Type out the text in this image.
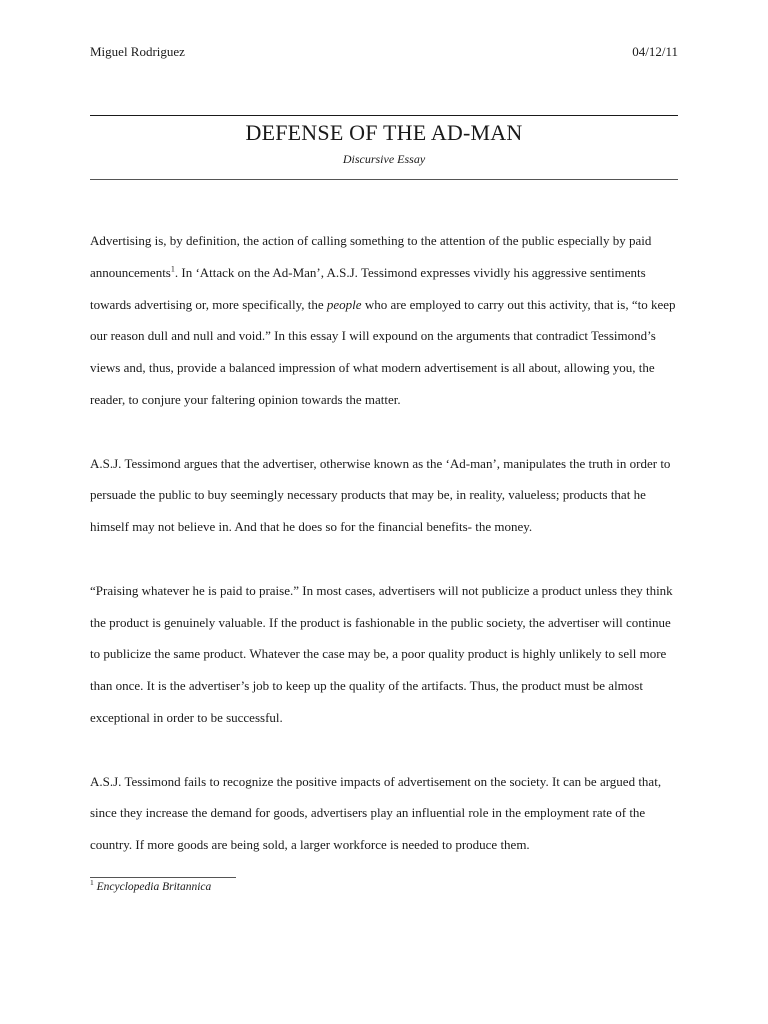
Miguel Rodriguez	04/12/11
DEFENSE OF THE AD-MAN
Discursive Essay

Advertising is, by definition, the action of calling something to the attention of the public especially by paid announcements$^1$. In ‘Attack on the Ad-Man’, A.S.J. Tessimond expresses vividly his aggressive sentiments towards advertising or, more specifically, the people who are employed to carry out this activity, that is, “to keep our reason dull and null and void.” In this essay I will expound on the arguments that contradict Tessimond’s views and, thus, provide a balanced impression of what modern advertisement is all about, allowing you, the reader, to conjure your faltering opinion towards the matter.

A.S.J. Tessimond argues that the advertiser, otherwise known as the ‘Ad-man’, manipulates the truth in order to persuade the public to buy seemingly necessary products that may be, in reality, valueless; products that he himself may not believe in. And that he does so for the financial benefits- the money.

“Praising whatever he is paid to praise.” In most cases, advertisers will not publicize a product unless they think the product is genuinely valuable. If the product is fashionable in the public society, the advertiser will continue to publicize the same product. Whatever the case may be, a poor quality product is highly unlikely to sell more than once. It is the advertiser’s job to keep up the quality of the artifacts. Thus, the product must be almost exceptional in order to be successful.

A.S.J. Tessimond fails to recognize the positive impacts of advertisement on the society. It can be argued that, since they increase the demand for goods, advertisers play an influential role in the employment rate of the country. If more goods are being sold, a larger workforce is needed to produce them.

$^1$ Encyclopedia Britannica
